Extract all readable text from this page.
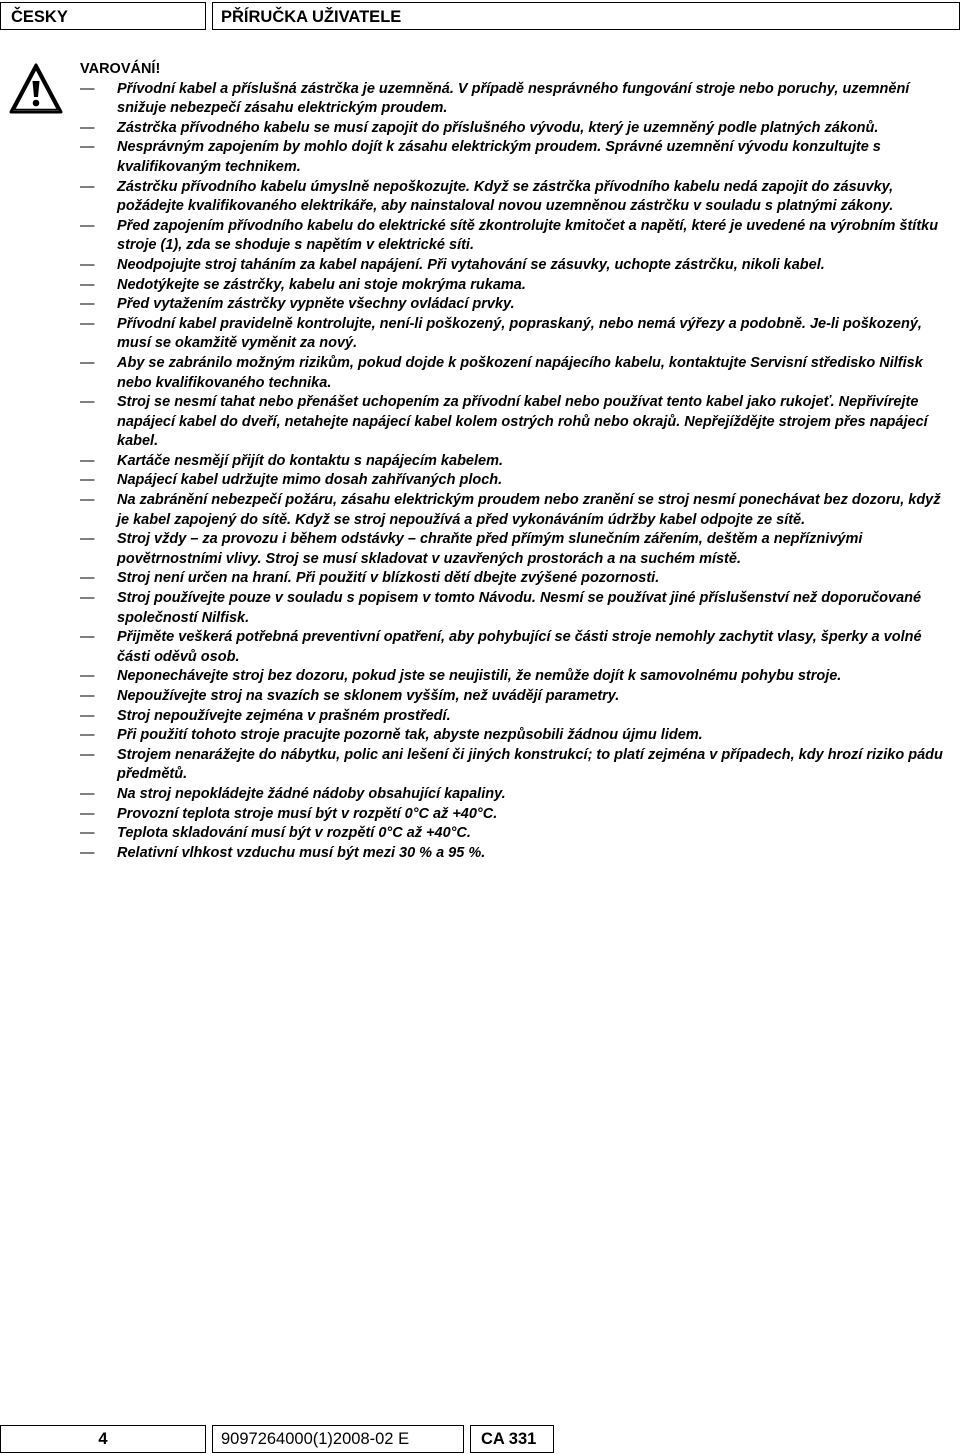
ČESKY	PŘÍRUČKA UŽIVATELE

VAROVÁNÍ!

— Přívodní kabel a příslušná zástrčka je uzemněná. V případě nesprávného fungování stroje nebo poruchy, uzemnění snižuje nebezpečí zásahu elektrickým proudem.
— Zástrčka přívodného kabelu se musí zapojit do příslušného vývodu, který je uzemněný podle platných zákonů.
— Nesprávným zapojením by mohlo dojít k zásahu elektrickým proudem. Správné uzemnění vývodu konzultujte s kvalifikovaným technikem.
— Zástrčku přívodního kabelu úmyslně nepoškozujte. Když se zástrčka přívodního kabelu nedá zapojit do zásuvky, požádejte kvalifikovaného elektrikáře, aby nainstaloval novou uzemněnou zástrčku v souladu s platnými zákony.
— Před zapojením přívodního kabelu do elektrické sítě zkontrolujte kmitočet a napětí, které je uvedené na výrobním štítku stroje (1), zda se shoduje s napětím v elektrické síti.
— Neodpojujte stroj taháním za kabel napájení. Při vytahování se zásuvky, uchopte zástrčku, nikoli kabel.
— Nedotýkejte se zástrčky, kabelu ani stoje mokrýma rukama.
— Před vytažením zástrčky vypněte všechny ovládací prvky.
— Přívodní kabel pravidelně kontrolujte, není-li poškozený, popraskaný, nebo nemá výřezy a podobně. Je-li poškozený, musí se okamžitě vyměnit za nový.
— Aby se zabránilo možným rizikům, pokud dojde k poškození napájecího kabelu, kontaktujte Servisní středisko Nilfisk nebo kvalifikovaného technika.
— Stroj se nesmí tahat nebo přenášet uchopením za přívodní kabel nebo používat tento kabel jako rukojeť. Nepřivírejte napájecí kabel do dveří, netahejte napájecí kabel kolem ostrých rohů nebo okrajů. Nepřejíždějte strojem přes napájecí kabel.
— Kartáče nesmějí přijít do kontaktu s napájecím kabelem.
— Napájecí kabel udržujte mimo dosah zahřívaných ploch.
— Na zabránění nebezpečí požáru, zásahu elektrickým proudem nebo zranění se stroj nesmí ponechávat bez dozoru, když je kabel zapojený do sítě. Když se stroj nepoužívá a před vykonáváním údržby kabel odpojte ze sítě.
— Stroj vždy – za provozu i během odstávky – chraňte před přímým slunečním zářením, deštěm a nepříznivými povětrnostními vlivy. Stroj se musí skladovat v uzavřených prostorách a na suchém místě.
— Stroj není určen na hraní. Při použití v blízkosti dětí dbejte zvýšené pozornosti.
— Stroj používejte pouze v souladu s popisem v tomto Návodu. Nesmí se používat jiné příslušenství než doporučované společností Nilfisk.
— Přijměte veškerá potřebná preventivní opatření, aby pohybující se části stroje nemohly zachytit vlasy, šperky a volné části oděvů osob.
— Neponechávejte stroj bez dozoru, pokud jste se neujistili, že nemůže dojít k samovolnému pohybu stroje.
— Nepoužívejte stroj na svazích se sklonem vyšším, než uvádějí parametry.
— Stroj nepoužívejte zejména v prašném prostředí.
— Při použití tohoto stroje pracujte pozorně tak, abyste nezpůsobili žádnou újmu lidem.
— Strojem nenarážejte do nábytku, polic ani lešení či jiných konstrukcí; to platí zejména v případech, kdy hrozí riziko pádu předmětů.
— Na stroj nepokládejte žádné nádoby obsahující kapaliny.
— Provozní teplota stroje musí být v rozpětí 0°C až +40°C.
— Teplota skladování musí být v rozpětí 0°C až +40°C.
— Relativní vlhkost vzduchu musí být mezi 30 % a 95 %.
4	9097264000(1)2008-02 E	CA 331
